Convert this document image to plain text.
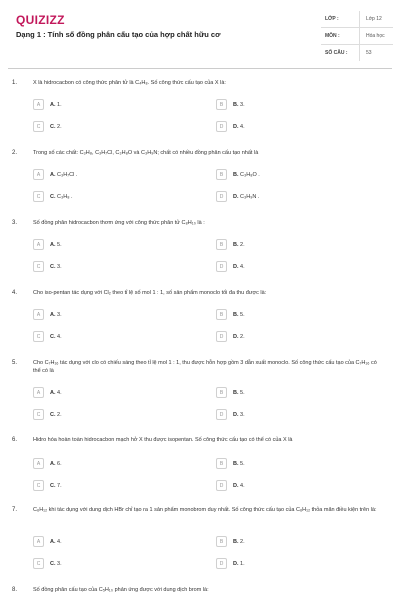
QUIZIZZ
Dạng 1 : Tính số đồng phân cấu tạo của hợp chất hữu cơ
LỚP :	Lớp 12
MÔN :	Hóa học
SỐ CÂU :	53
1.	X là hidrocacbon có công thức phân tử là C₄H₈. Số công thức cấu tạo của X là:
A	A. 1.	B	B. 3.
C	C. 2.	D	D. 4.
2.	Trong số các chất: C₃H₈, C₃H₇Cl, C₃H₈O và C₃H₉N; chất có nhiều đồng phân cấu tạo nhất là
A	A. C₃H₇Cl .	B	B. C₃H₈O .
C	C. C₃H₈ .	D	D. C₃H₉N .
3.	Số đồng phân hidrocacbon thơm ứng với công thức phân tử C₈H₁₀ là :
A	A. 5.	B	B. 2.
C	C. 3.	D	D. 4.
4.	Cho iso-pentan tác dụng với Cl₂ theo tỉ lệ số mol 1 : 1, số sản phẩm monoclo tối đa thu được là:
A	A. 3.	B	B. 5.
C	C. 4.	D	D. 2.
5.	Cho C₇H₁₆ tác dụng với clo có chiếu sáng theo tỉ lệ mol 1 : 1, thu được hỗn hợp gồm 3 dẫn xuất monoclo. Số công thức cấu tạo của C₇H₁₆ có thể có là
A	A. 4.	B	B. 5.
C	C. 2.	D	D. 3.
6.	Hidro hóa hoàn toàn hidrocacbon mạch hở X thu được isopentan. Số công thức cấu tạo có thể có của X là
A	A. 6.	B	B. 5.
C	C. 7.	D	D. 4.
7.	C₆H₁₂ khi tác dụng với dung dịch HBr chỉ tạo ra 1 sản phẩm monobrom duy nhất. Số công thức cấu tạo của C₆H₁₂ thỏa mãn điều kiện trên là:
A	A. 4.	B	B. 2.
C	C. 3.	D	D. 1.
8.	Số đồng phân cấu tạo của C₅H₁₀ phản ứng được với dung dịch brom là:
